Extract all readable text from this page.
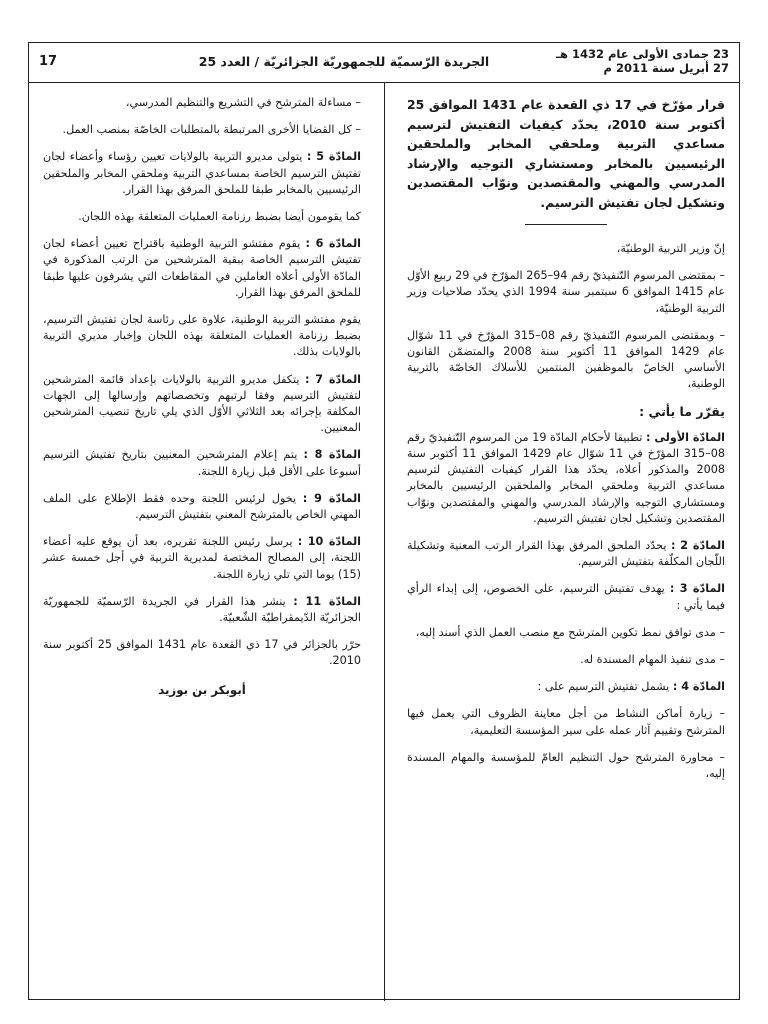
17	الجريدة الرّسميّة للجمهوريّة الجزائريّة / العدد 25	23 جمادى الأولى عام 1432 هـ
27 أبريل سنة 2011 م
قرار مؤرّخ في 17 ذي القعدة عام 1431 الموافق 25 أكتوبر سنة 2010، يحدّد كيفيات التفتيش لترسيم مساعدي التربية وملحقي المخابر والملحقين الرئيسيين بالمخابر ومستشاري التوجيه والإرشاد المدرسي والمهني والمقتصدين ونوّاب المقتصدين وتشكيل لجان تفتيش الترسيم.

إنّ وزير التربية الوطنيّة،

– بمقتضى المرسوم التّنفيذيّ رقم 94–265 المؤرّخ في 29 ربيع الأوّل عام 1415 الموافق 6 سبتمبر سنة 1994 الذي يحدّد صلاحيات وزير التربية الوطنيّة،

– وبمقتضى المرسوم التّنفيذيّ رقم 08–315 المؤرّخ في 11 شوّال عام 1429 الموافق 11 أكتوبر سنة 2008 والمتضمّن القانون الأساسي الخاصّ بالموظفين المنتمين للأسلاك الخاصّة بالتربية الوطنية،

يقرّر ما يأتي :

المادّة الأولى : تطبيقا لأحكام المادّة 19 من المرسوم التّنفيذيّ رقم 08–315 المؤرّخ في 11 شوّال عام 1429 الموافق 11 أكتوبر سنة 2008 والمذكور أعلاه، يحدّد هذا القرار كيفيات التفتيش لترسيم مساعدي التربية وملحقي المخابر والملحقين الرئيسيين بالمخابر ومستشاري التوجيه والإرشاد المدرسي والمهني والمقتصدين ونوّاب المقتصدين وتشكيل لجان تفتيش الترسيم.

المادّة 2 : يحدّد الملحق المرفق بهذا القرار الرتب المعنية وتشكيلة اللّجان المكلّفة بتفتيش الترسيم.

المادّة 3 : يهدف تفتيش الترسيم، على الخصوص، إلى إبداء الرأي فيما يأتي :

– مدى توافق نمط تكوين المترشح مع منصب العمل الذي أسند إليه،

– مدى تنفيذ المهام المسندة له.

المادّة 4 : يشمل تفتيش الترسيم على :

– زيارة أماكن النشاط من أجل معاينة الظروف التي يعمل فيها المترشح وتقييم آثار عمله على سير المؤسسة التعليمية،

– محاورة المترشح حول التنظيم العامّ للمؤسسة والمهام المسندة إليه،

– مساءلة المترشح في التشريع والتنظيم المدرسي،

– كل القضايا الأخرى المرتبطة بالمتطلبات الخاصّة بمنصب العمل.

المادّة 5 : يتولى مديرو التربية بالولايات تعيين رؤساء وأعضاء لجان تفتيش الترسيم الخاصة بمساعدي التربية وملحقي المخابر والملحقين الرئيسيين بالمخابر طبقا للملحق المرفق بهذا القرار.

كما يقومون أيضا بضبط رزنامة العمليات المتعلقة بهذه اللجان.

المادّة 6 : يقوم مفتشو التربية الوطنية باقتراح تعيين أعضاء لجان تفتيش الترسيم الخاصة ببقية المترشحين من الرتب المذكورة في المادّة الأولى أعلاه العاملين في المقاطعات التي يشرفون عليها طبقا للملحق المرفق بهذا القرار.

يقوم مفتشو التربية الوطنية، علاوة على رئاسة لجان تفتيش الترسيم، بضبط رزنامة العمليات المتعلقة بهذه اللجان وإخبار مديري التربية بالولايات بذلك.

المادّة 7 : يتكفل مديرو التربية بالولايات بإعداد قائمة المترشحين لتفتيش الترسيم وفقا لرتبهم وتخصصاتهم وإرسالها إلى الجهات المكلفة بإجرائه بعد الثلاثي الأوّل الذي يلي تاريخ تنصيب المترشحين المعنيين.

المادّة 8 : يتم إعلام المترشحين المعنيين بتاريخ تفتيش الترسيم أسبوعا على الأقل قبل زيارة اللجنة.

المادّة 9 : يخول لرئيس اللجنة وحده فقط الإطلاع على الملف المهني الخاص بالمترشح المعني بتفتيش الترسيم.

المادّة 10 : يرسل رئيس اللجنة تقريره، بعد أن يوقع عليه أعضاء اللجنة، إلى المصالح المختصة لمديرية التربية في أجل خمسة عشر (15) يوما التي تلي زيارة اللجنة.

المادّة 11 : ينشر هذا القرار في الجريدة الرّسميّة للجمهوريّة الجزائريّة الدّيمقراطيّة الشّعبيّة.

حرّر بالجزائر في 17 ذي القعدة عام 1431 الموافق 25 أكتوبر سنة 2010.

أبوبكر بن بوزيد
